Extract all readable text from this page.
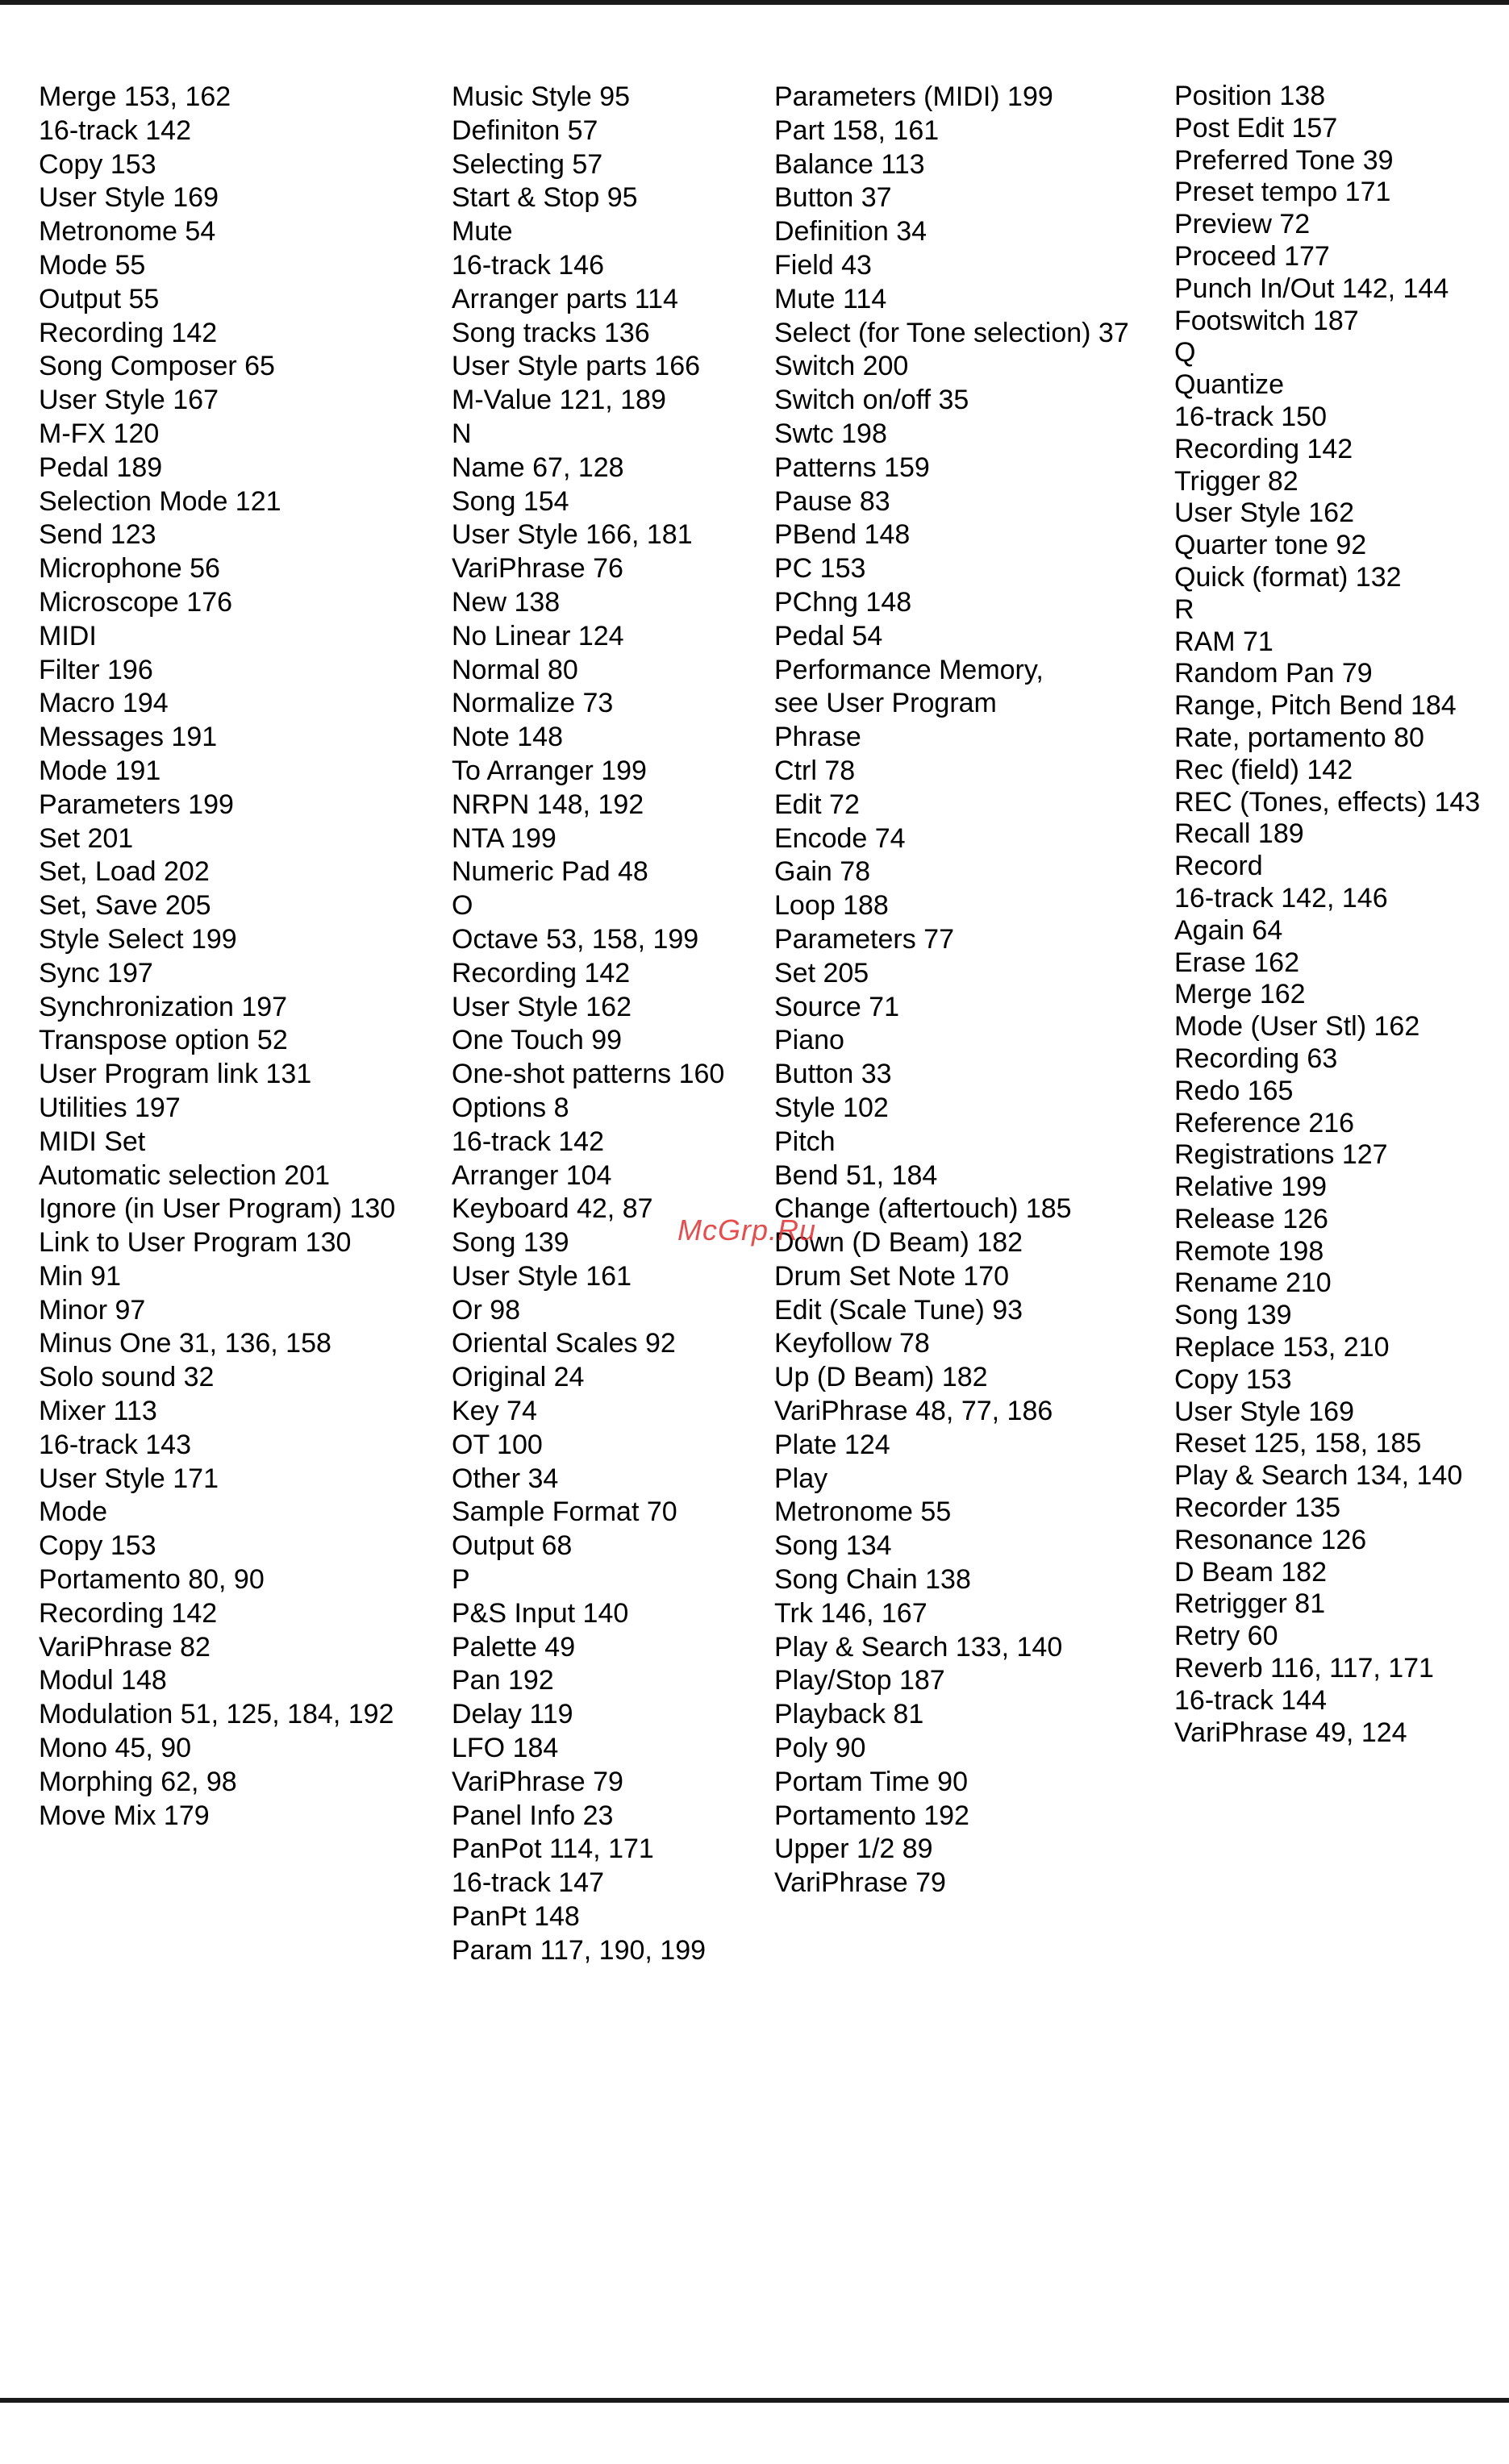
Merge 153, 162
16-track 142
Copy 153
User Style 169
Metronome 54
Mode 55
Output 55
Recording 142
Song Composer 65
User Style 167
M-FX 120
Pedal 189
Selection Mode 121
Send 123
Microphone 56
Microscope 176
MIDI
Filter 196
Macro 194
Messages 191
Mode 191
Parameters 199
Set 201
Set, Load 202
Set, Save 205
Style Select 199
Sync 197
Synchronization 197
Transpose option 52
User Program link 131
Utilities 197
MIDI Set
Automatic selection 201
Ignore (in User Program) 130
Link to User Program 130
Min 91
Minor 97
Minus One 31, 136, 158
Solo sound 32
Mixer 113
16-track 143
User Style 171
Mode
Copy 153
Portamento 80, 90
Recording 142
VariPhrase 82
Modul 148
Modulation 51, 125, 184, 192
Mono 45, 90
Morphing 62, 98
Move Mix 179
Music Style 95
Definiton 57
Selecting 57
Start & Stop 95
Mute
16-track 146
Arranger parts 114
Song tracks 136
User Style parts 166
M-Value 121, 189
N
Name 67, 128
Song 154
User Style 166, 181
VariPhrase 76
New 138
No Linear 124
Normal 80
Normalize 73
Note 148
To Arranger 199
NRPN 148, 192
NTA 199
Numeric Pad 48
O
Octave 53, 158, 199
Recording 142
User Style 162
One Touch 99
One-shot patterns 160
Options 8
16-track 142
Arranger 104
Keyboard 42, 87
Song 139
User Style 161
Or 98
Oriental Scales 92
Original 24
Key 74
OT 100
Other 34
Sample Format 70
Output 68
P
P&S Input 140
Palette 49
Pan 192
Delay 119
LFO 184
VariPhrase 79
Panel Info 23
PanPot 114, 171
16-track 147
PanPt 148
Param 117, 190, 199
Parameters (MIDI) 199
Part 158, 161
Balance 113
Button 37
Definition 34
Field 43
Mute 114
Select (for Tone selection) 37
Switch 200
Switch on/off 35
Swtc 198
Patterns 159
Pause 83
PBend 148
PC 153
PChng 148
Pedal 54
Performance Memory,
see User Program
Phrase
Ctrl 78
Edit 72
Encode 74
Gain 78
Loop 188
Parameters 77
Set 205
Source 71
Piano
Button 33
Style 102
Pitch
Bend 51, 184
Change (aftertouch) 185
Down (D Beam) 182
Drum Set Note 170
Edit (Scale Tune) 93
Keyfollow 78
Up (D Beam) 182
VariPhrase 48, 77, 186
Plate 124
Play
Metronome 55
Song 134
Song Chain 138
Trk 146, 167
Play & Search 133, 140
Play/Stop 187
Playback 81
Poly 90
Portam Time 90
Portamento 192
Upper 1/2 89
VariPhrase 79
Position 138
Post Edit 157
Preferred Tone 39
Preset tempo 171
Preview 72
Proceed 177
Punch In/Out 142, 144
Footswitch 187
Q
Quantize
16-track 150
Recording 142
Trigger 82
User Style 162
Quarter tone 92
Quick (format) 132
R
RAM 71
Random Pan 79
Range, Pitch Bend 184
Rate, portamento 80
Rec (field) 142
REC (Tones, effects) 143
Recall 189
Record
16-track 142, 146
Again 64
Erase 162
Merge 162
Mode (User Stl) 162
Recording 63
Redo 165
Reference 216
Registrations 127
Relative 199
Release 126
Remote 198
Rename 210
Song 139
Replace 153, 210
Copy 153
User Style 169
Reset 125, 158, 185
Play & Search 134, 140
Recorder 135
Resonance 126
D Beam 182
Retrigger 81
Retry 60
Reverb 116, 117, 171
16-track 144
VariPhrase 49, 124
McGrp.Ru
